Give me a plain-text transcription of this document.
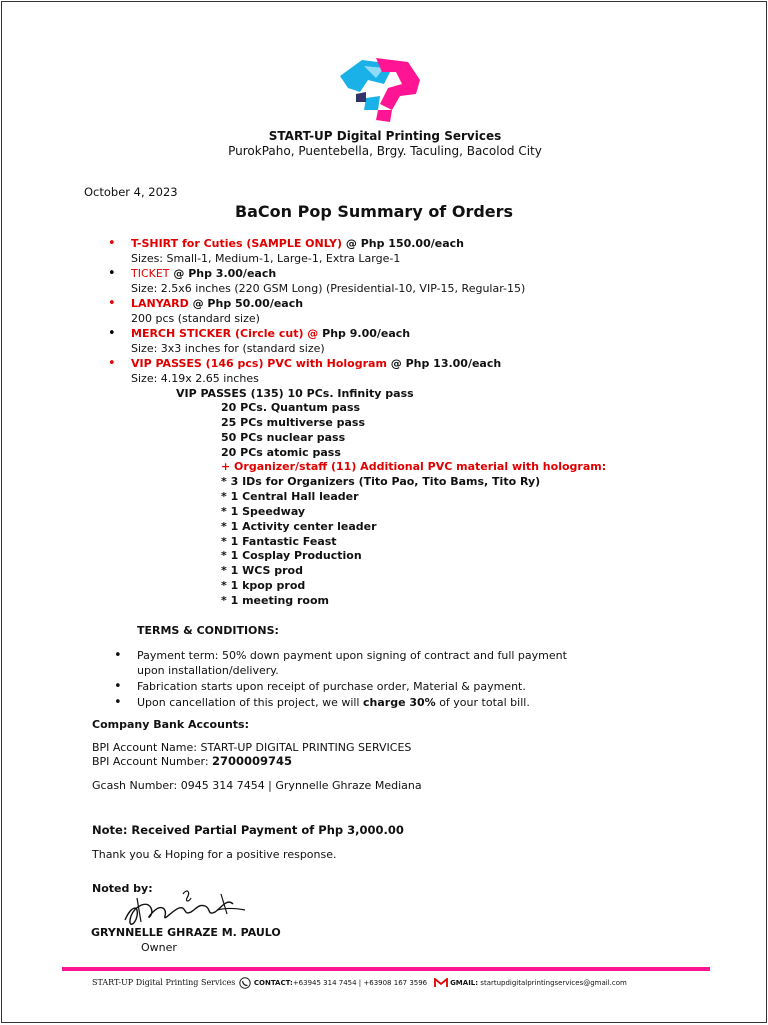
START-UP Digital Printing Services
PurokPaho, Puentebella, Brgy. Taculing, Bacolod City
October 4, 2023
BaCon Pop Summary of Orders
• T-SHIRT for Cuties (SAMPLE ONLY) @ Php 150.00/each
Sizes: Small-1, Medium-1, Large-1, Extra Large-1
• TICKET @ Php 3.00/each
Size: 2.5x6 inches (220 GSM Long) (Presidential-10, VIP-15, Regular-15)
• LANYARD @ Php 50.00/each
200 pcs (standard size)
• MERCH STICKER (Circle cut) @ Php 9.00/each
Size: 3x3 inches for (standard size)
• VIP PASSES (146 pcs) PVC with Hologram @ Php 13.00/each
Size: 4.19x 2.65 inches
VIP PASSES (135) 10 PCs. Infinity pass
20 PCs. Quantum pass
25 PCs multiverse pass
50 PCs nuclear pass
20 PCs atomic pass
+ Organizer/staff (11) Additional PVC material with hologram:
* 3 IDs for Organizers (Tito Pao, Tito Bams, Tito Ry)
* 1 Central Hall leader
* 1 Speedway
* 1 Activity center leader
* 1 Fantastic Feast
* 1 Cosplay Production
* 1 WCS prod
* 1 kpop prod
* 1 meeting room
TERMS & CONDITIONS:
• Payment term: 50% down payment upon signing of contract and full payment upon installation/delivery.
• Fabrication starts upon receipt of purchase order, Material & payment.
• Upon cancellation of this project, we will charge 30% of your total bill.
Company Bank Accounts:
BPI Account Name: START-UP DIGITAL PRINTING SERVICES
BPI Account Number: 2700009745
Gcash Number: 0945 314 7454 | Grynnelle Ghraze Mediana
Note: Received Partial Payment of Php 3,000.00
Thank you & Hoping for a positive response.
Noted by:
GRYNNELLE GHRAZE M. PAULO
Owner
START-UP Digital Printing Services	CONTACT:+63945 314 7454 | +63908 167 3596	GMAIL: startupdigitalprintingservices@gmail.com
